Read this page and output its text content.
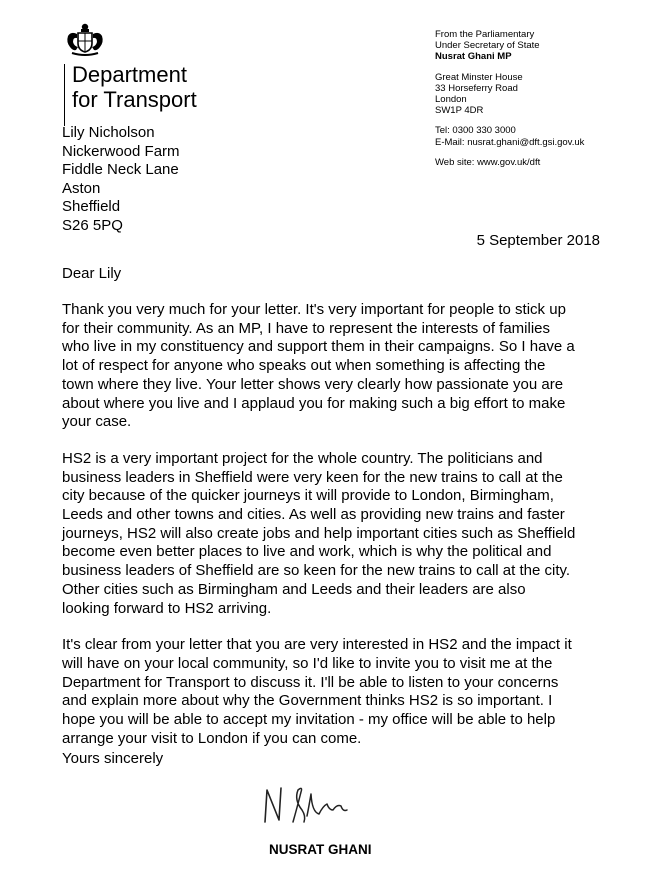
Department
for Transport
From the Parliamentary
Under Secretary of State
Nusrat Ghani MP
Great Minster House
33 Horseferry Road
London
SW1P 4DR
Tel: 0300 330 3000
E-Mail: nusrat.ghani@dft.gsi.gov.uk
Web site: www.gov.uk/dft
Lily Nicholson
Nickerwood Farm
Fiddle Neck Lane
Aston
Sheffield
S26 5PQ
5 September 2018
Dear Lily

Thank you very much for your letter. It's very important for people to stick up
for their community. As an MP, I have to represent the interests of families
who live in my constituency and support them in their campaigns. So I have a
lot of respect for anyone who speaks out when something is affecting the
town where they live. Your letter shows very clearly how passionate you are
about where you live and I applaud you for making such a big effort to make
your case.

HS2 is a very important project for the whole country. The politicians and
business leaders in Sheffield were very keen for the new trains to call at the
city because of the quicker journeys it will provide to London, Birmingham,
Leeds and other towns and cities. As well as providing new trains and faster
journeys, HS2 will also create jobs and help important cities such as Sheffield
become even better places to live and work, which is why the political and
business leaders of Sheffield are so keen for the new trains to call at the city.
Other cities such as Birmingham and Leeds and their leaders are also
looking forward to HS2 arriving.

It's clear from your letter that you are very interested in HS2 and the impact it
will have on your local community, so I'd like to invite you to visit me at the
Department for Transport to discuss it. I'll be able to listen to your concerns
and explain more about why the Government thinks HS2 is so important. I
hope you will be able to accept my invitation - my office will be able to help
arrange your visit to London if you can come.

Yours sincerely
NUSRAT GHANI
